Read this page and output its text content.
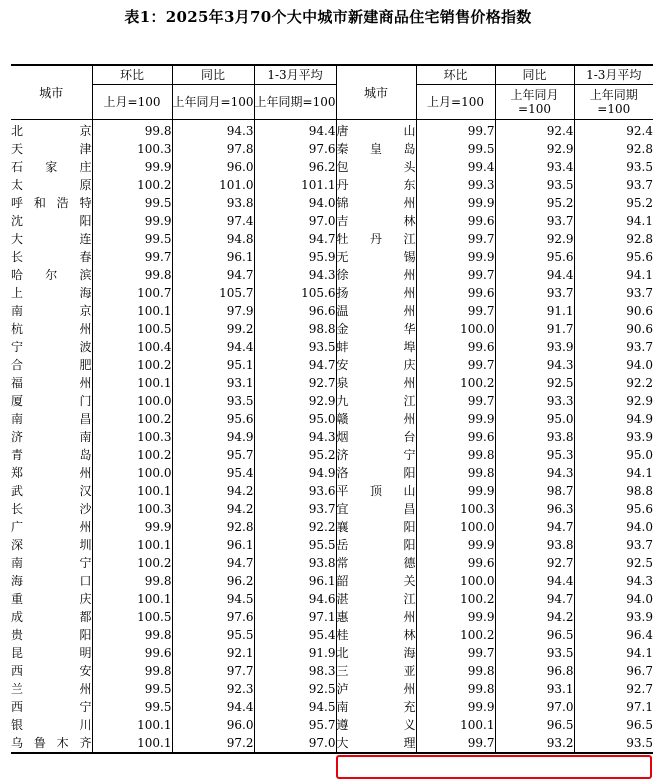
表1：2025年3月70个大中城市新建商品住宅销售价格指数
城市	环比	同比	1-3月平均	城市	环比	同比	1-3月平均
	上月=100	上年同月=100	上年同期=100		上月=100	上年同月=100	上年同期=100
北京	99.8	94.3	94.4	唐山	99.7	92.4	92.4
天津	100.3	97.8	97.6	秦皇岛	99.5	92.9	92.8
石家庄	99.9	96.0	96.2	包头	99.4	93.4	93.5
太原	100.2	101.0	101.1	丹东	99.3	93.5	93.7
呼和浩特	99.5	93.8	94.0	锦州	99.9	95.2	95.2
沈阳	99.9	97.4	97.0	吉林	99.6	93.7	94.1
大连	99.5	94.8	94.7	牡丹江	99.7	92.9	92.8
长春	99.7	96.1	95.9	无锡	99.9	95.6	95.6
哈尔滨	99.8	94.7	94.3	徐州	99.7	94.4	94.1
上海	100.7	105.7	105.6	扬州	99.6	93.7	93.7
南京	100.1	97.9	96.6	温州	99.7	91.1	90.6
杭州	100.5	99.2	98.8	金华	100.0	91.7	90.6
宁波	100.4	94.4	93.5	蚌埠	99.6	93.9	93.7
合肥	100.2	95.1	94.7	安庆	99.7	94.3	94.0
福州	100.1	93.1	92.7	泉州	100.2	92.5	92.2
厦门	100.0	93.5	92.9	九江	99.7	93.3	92.9
南昌	100.2	95.6	95.0	赣州	99.9	95.0	94.9
济南	100.3	94.9	94.3	烟台	99.6	93.8	93.9
青岛	100.2	95.7	95.2	济宁	99.8	95.3	95.0
郑州	100.0	95.4	94.9	洛阳	99.8	94.3	94.1
武汉	100.1	94.2	93.6	平顶山	99.9	98.7	98.8
长沙	100.3	94.2	93.7	宜昌	100.3	96.3	95.6
广州	99.9	92.8	92.2	襄阳	100.0	94.7	94.0
深圳	100.1	96.1	95.5	岳阳	99.9	93.8	93.7
南宁	100.2	94.7	93.8	常德	99.6	92.7	92.5
海口	99.8	96.2	96.1	韶关	100.0	94.4	94.3
重庆	100.1	94.5	94.6	湛江	100.2	94.7	94.0
成都	100.5	97.6	97.1	惠州	99.9	94.2	93.9
贵阳	99.8	95.5	95.4	桂林	100.2	96.5	96.4
昆明	99.6	92.1	91.9	北海	99.7	93.5	94.1
西安	99.8	97.7	98.3	三亚	99.8	96.8	96.7
兰州	99.5	92.3	92.5	泸州	99.8	93.1	92.7
西宁	99.5	94.4	94.5	南充	99.9	97.0	97.1
银川	100.1	96.0	95.7	遵义	100.1	96.5	96.5
乌鲁木齐	100.1	97.2	97.0	大理	99.7	93.2	93.5
